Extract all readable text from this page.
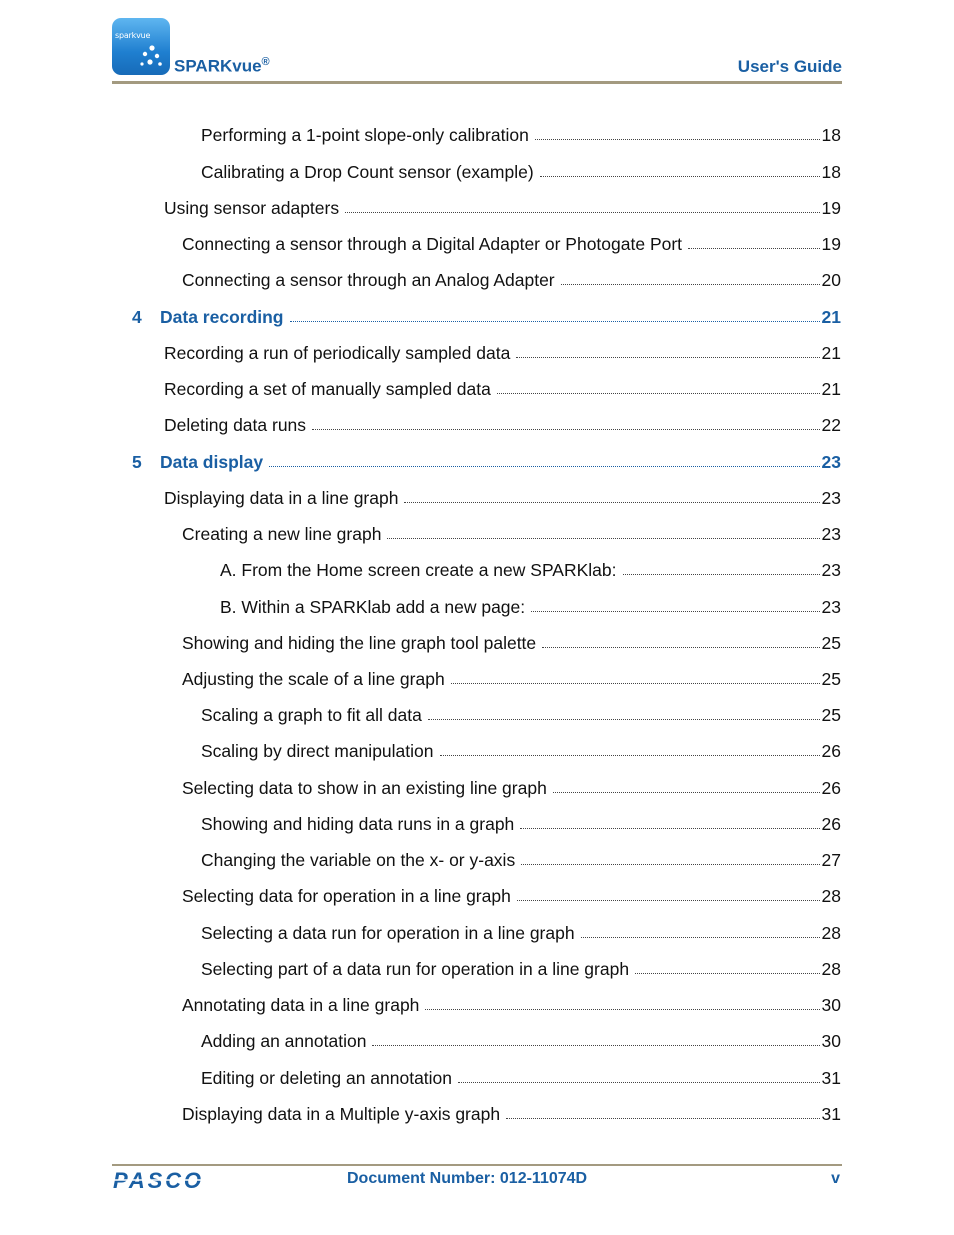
sparkvue
SPARKvue®	User's Guide
Performing a 1-point slope-only calibration	18
Calibrating a Drop Count sensor (example)	18
Using sensor adapters	19
Connecting a sensor through a Digital Adapter or Photogate Port	19
Connecting a sensor through an Analog Adapter	20
4 Data recording	21
Recording a run of periodically sampled data	21
Recording a set of manually sampled data	21
Deleting data runs	22
5 Data display	23
Displaying data in a line graph	23
Creating a new line graph	23
A. From the Home screen create a new SPARKlab:	23
B. Within a SPARKlab add a new page:	23
Showing and hiding the line graph tool palette	25
Adjusting the scale of a line graph	25
Scaling a graph to fit all data	25
Scaling by direct manipulation	26
Selecting data to show in an existing line graph	26
Showing and hiding data runs in a graph	26
Changing the variable on the x- or y-axis	27
Selecting data for operation in a line graph	28
Selecting a data run for operation in a line graph	28
Selecting part of a data run for operation in a line graph	28
Annotating data in a line graph	30
Adding an annotation	30
Editing or deleting an annotation	31
Displaying data in a Multiple y-axis graph	31
PASCO	Document Number: 012-11074D	v
